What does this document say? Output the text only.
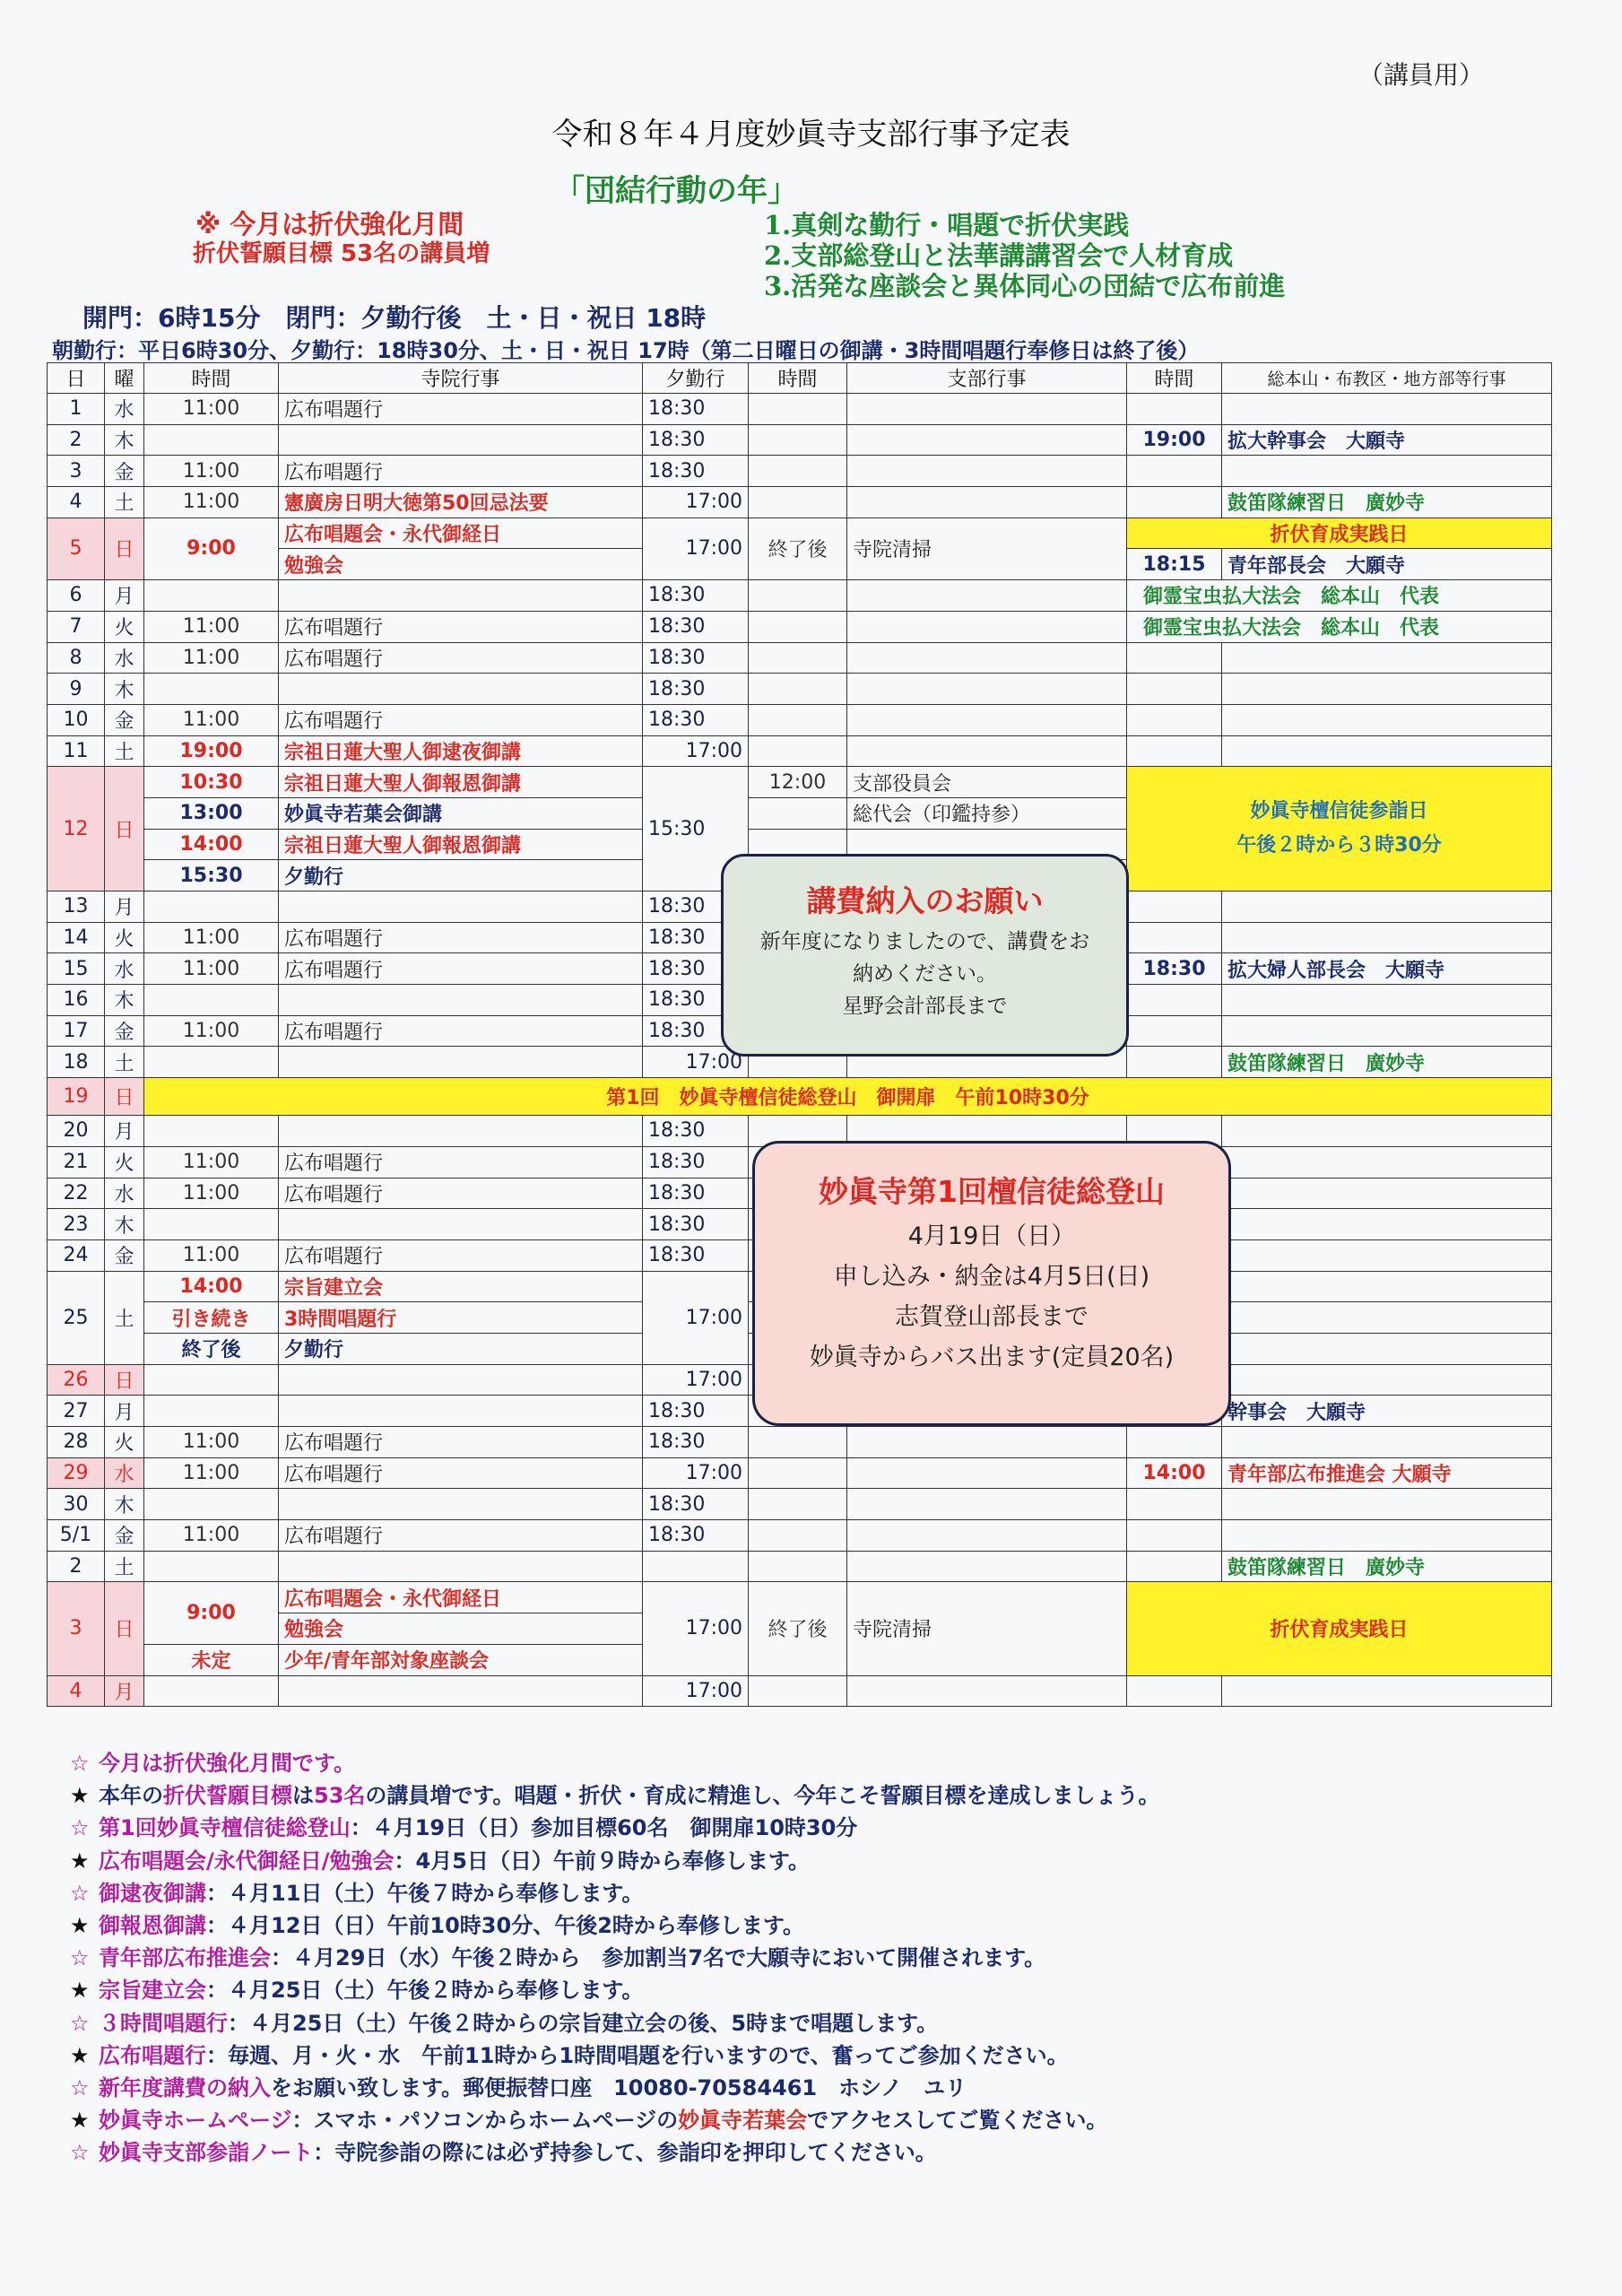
（講員用）
令和８年４月度妙眞寺支部行事予定表
「団結行動の年」
※ 今月は折伏強化月間
折伏誓願目標 53名の講員増
1.真剣な勤行・唱題で折伏実践
2.支部総登山と法華講講習会で人材育成
3.活発な座談会と異体同心の団結で広布前進
開門：6時15分　閉門：夕勤行後　土・日・祝日 18時
朝勤行：平日6時30分、夕勤行：18時30分、土・日・祝日 17時（第二日曜日の御講・3時間唱題行奉修日は終了後）
日	曜	時間	寺院行事	夕勤行	時間	支部行事	時間	総本山・布教区・地方部等行事
1	水	11:00	広布唱題行	18:30				
2	木			18:30			19:00	拡大幹事会　大願寺
3	金	11:00	広布唱題行	18:30				
4	土	11:00	憲廣房日明大徳第50回忌法要	17:00				鼓笛隊練習日　廣妙寺
5	日	9:00	広布唱題会・永代御経日	17:00	終了後	寺院清掃	折伏育成実践日	
			勉強会				18:15	青年部長会　大願寺
6	月			18:30			御霊宝虫払大法会　総本山　代表	
7	火	11:00	広布唱題行	18:30			御霊宝虫払大法会　総本山　代表	
8	水	11:00	広布唱題行	18:30				
9	木			18:30				
10	金	11:00	広布唱題行	18:30				
11	土	19:00	宗祖日蓮大聖人御逮夜御講	17:00				
12	日	10:30	宗祖日蓮大聖人御報恩御講	15:30	12:00	支部役員会	妙眞寺檀信徒参詣日
午後２時から３時30分	
		13:00	妙眞寺若葉会御講			総代会（印鑑持参）		
		14:00	宗祖日蓮大聖人御報恩御講					
		15:30	夕勤行					
13	月			18:30				
14	火	11:00	広布唱題行	18:30				
15	水	11:00	広布唱題行	18:30			18:30	拡大婦人部長会　大願寺
16	木			18:30				
17	金	11:00	広布唱題行	18:30				
18	土			17:00				鼓笛隊練習日　廣妙寺
19	日	第1回　妙眞寺檀信徒総登山　御開扉　午前10時30分						
20	月			18:30				
21	火	11:00	広布唱題行	18:30				
22	水	11:00	広布唱題行	18:30				
23	木			18:30				
24	金	11:00	広布唱題行	18:30				
25	土	14:00	宗旨建立会	17:00				
		引き続き	3時間唱題行					
		終了後	夕勤行					
26	日			17:00				
27	月			18:30				幹事会　大願寺
28	火	11:00	広布唱題行	18:30				
29	水	11:00	広布唱題行	17:00			14:00	青年部広布推進会 大願寺
30	木			18:30				
5/1	金	11:00	広布唱題行	18:30				
2	土							鼓笛隊練習日　廣妙寺
3	日	9:00	広布唱題会・永代御経日	17:00	終了後	寺院清掃	折伏育成実践日	
			勉強会					
		未定	少年/青年部対象座談会					
4	月			17:00				
講費納入のお願い
新年度になりましたので、講費をお
納めください。
星野会計部長まで
妙眞寺第1回檀信徒総登山
4月19日（日）
申し込み・納金は4月5日(日)
志賀登山部長まで
妙眞寺からバス出ます(定員20名)
☆ 今月は折伏強化月間です。
★ 本年の折伏誓願目標は53名の講員増です。唱題・折伏・育成に精進し、今年こそ誓願目標を達成しましょう。
☆ 第1回妙眞寺檀信徒総登山：４月19日（日）参加目標60名　御開扉10時30分
★ 広布唱題会/永代御経日/勉強会：4月5日（日）午前９時から奉修します。
☆ 御逮夜御講：４月11日（土）午後７時から奉修します。
★ 御報恩御講：４月12日（日）午前10時30分、午後2時から奉修します。
☆ 青年部広布推進会：４月29日（水）午後２時から　参加割当7名で大願寺において開催されます。
★ 宗旨建立会：４月25日（土）午後２時から奉修します。
☆ ３時間唱題行：４月25日（土）午後２時からの宗旨建立会の後、5時まで唱題します。
★ 広布唱題行：毎週、月・火・水　午前11時から1時間唱題を行いますので、奮ってご参加ください。
☆ 新年度講費の納入をお願い致します。郵便振替口座　10080-70584461　ホシノ　ユリ
★ 妙眞寺ホームページ：スマホ・パソコンからホームページの妙眞寺若葉会でアクセスしてご覧ください。
☆ 妙眞寺支部参詣ノート：寺院参詣の際には必ず持参して、参詣印を押印してください。
